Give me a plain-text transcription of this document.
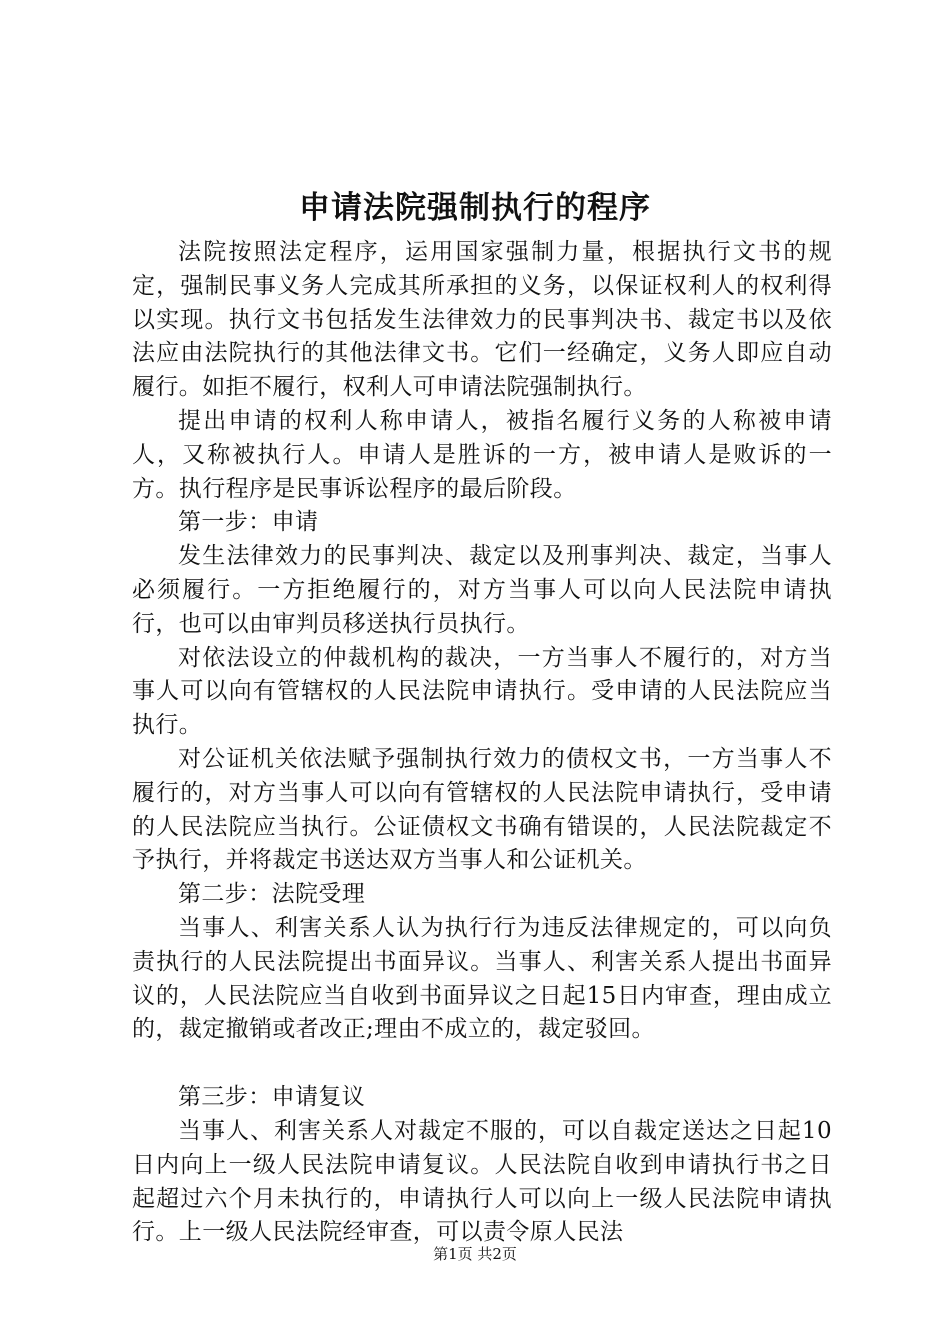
申请法院强制执行的程序

法院按照法定程序，运用国家强制力量，根据执行文书的规定，强制民事义务人完成其所承担的义务，以保证权利人的权利得以实现。执行文书包括发生法律效力的民事判决书、裁定书以及依法应由法院执行的其他法律文书。它们一经确定，义务人即应自动履行。如拒不履行，权利人可申请法院强制执行。

提出申请的权利人称申请人，被指名履行义务的人称被申请人，又称被执行人。申请人是胜诉的一方，被申请人是败诉的一方。执行程序是民事诉讼程序的最后阶段。

第一步：申请

发生法律效力的民事判决、裁定以及刑事判决、裁定，当事人必须履行。一方拒绝履行的，对方当事人可以向人民法院申请执行，也可以由审判员移送执行员执行。

对依法设立的仲裁机构的裁决，一方当事人不履行的，对方当事人可以向有管辖权的人民法院申请执行。受申请的人民法院应当执行。

对公证机关依法赋予强制执行效力的债权文书，一方当事人不履行的，对方当事人可以向有管辖权的人民法院申请执行，受申请的人民法院应当执行。公证债权文书确有错误的，人民法院裁定不予执行，并将裁定书送达双方当事人和公证机关。

第二步：法院受理

当事人、利害关系人认为执行行为违反法律规定的，可以向负责执行的人民法院提出书面异议。当事人、利害关系人提出书面异议的，人民法院应当自收到书面异议之日起15日内审查，理由成立的，裁定撤销或者改正;理由不成立的，裁定驳回。

第三步：申请复议

当事人、利害关系人对裁定不服的，可以自裁定送达之日起10日内向上一级人民法院申请复议。人民法院自收到申请执行书之日起超过六个月未执行的，申请执行人可以向上一级人民法院申请执行。上一级人民法院经审查，可以责令原人民法

第1页 共2页
